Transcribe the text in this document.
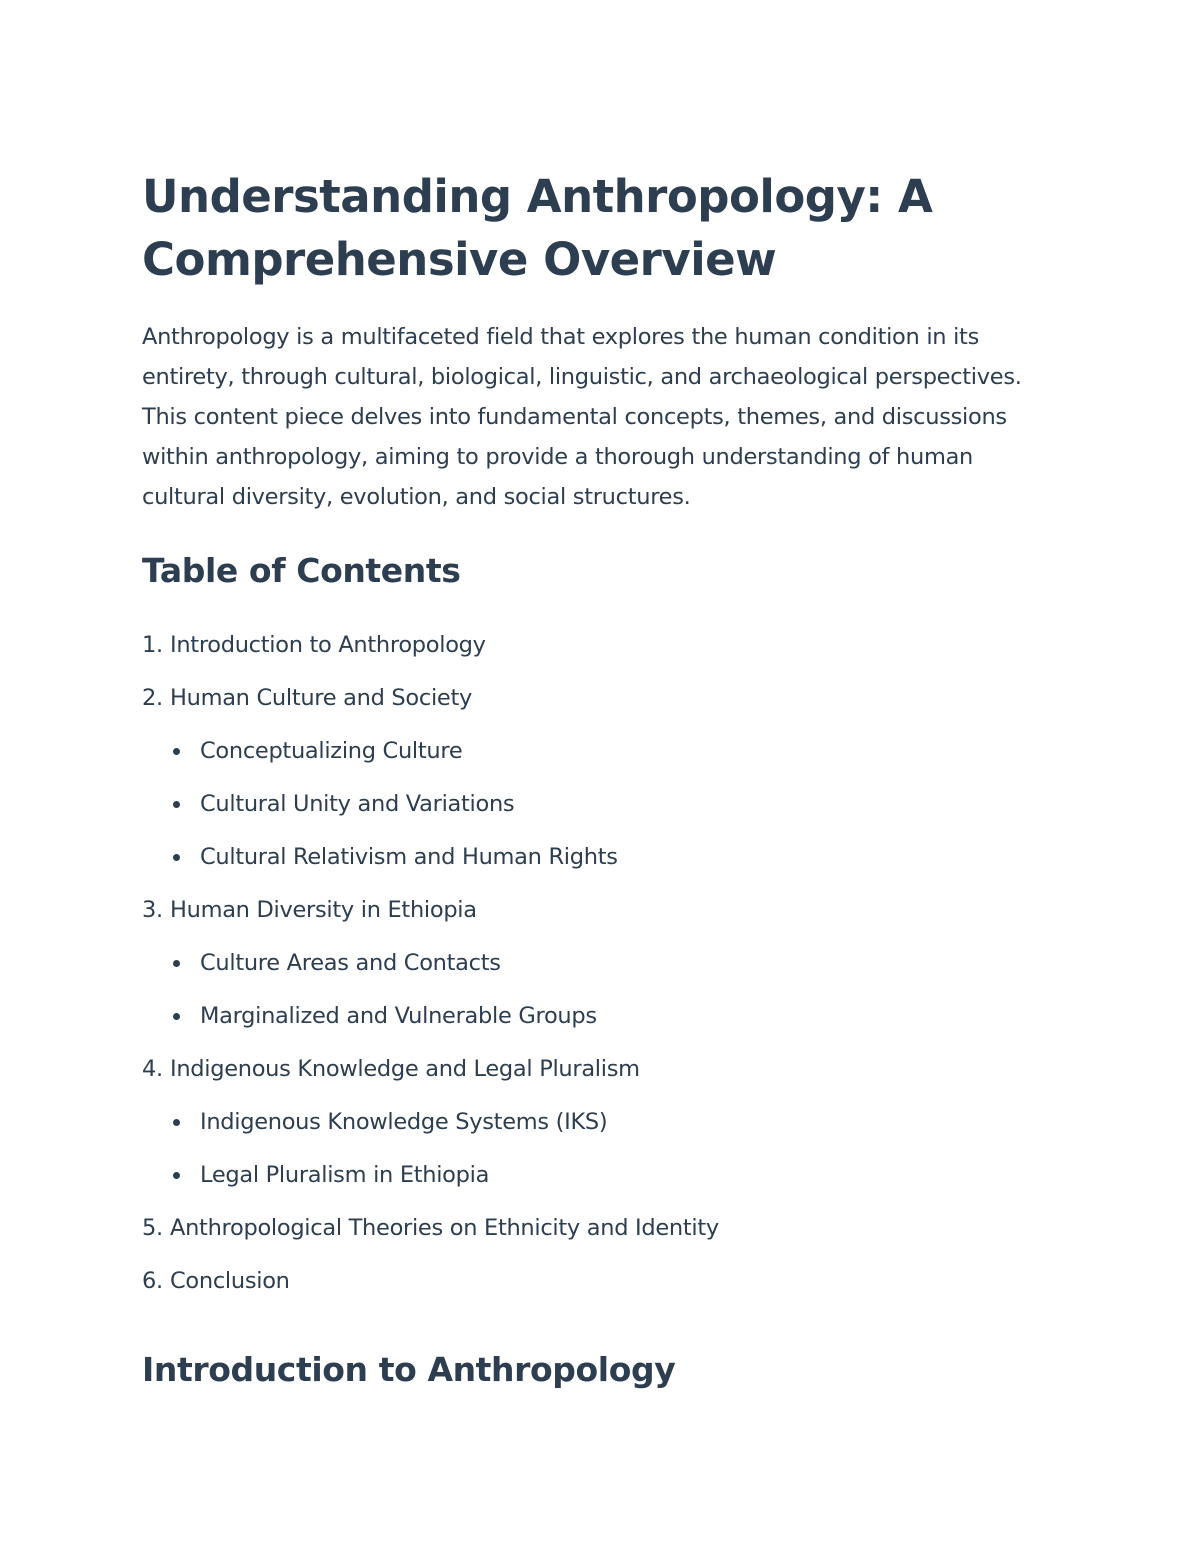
Understanding Anthropology: A Comprehensive Overview

Anthropology is a multifaceted field that explores the human condition in its entirety, through cultural, biological, linguistic, and archaeological perspectives. This content piece delves into fundamental concepts, themes, and discussions within anthropology, aiming to provide a thorough understanding of human cultural diversity, evolution, and social structures.

Table of Contents
1. Introduction to Anthropology
2. Human Culture and Society
Conceptualizing Culture
Cultural Unity and Variations
Cultural Relativism and Human Rights
3. Human Diversity in Ethiopia
Culture Areas and Contacts
Marginalized and Vulnerable Groups
4. Indigenous Knowledge and Legal Pluralism
Indigenous Knowledge Systems (IKS)
Legal Pluralism in Ethiopia
5. Anthropological Theories on Ethnicity and Identity
6. Conclusion
Introduction to Anthropology
